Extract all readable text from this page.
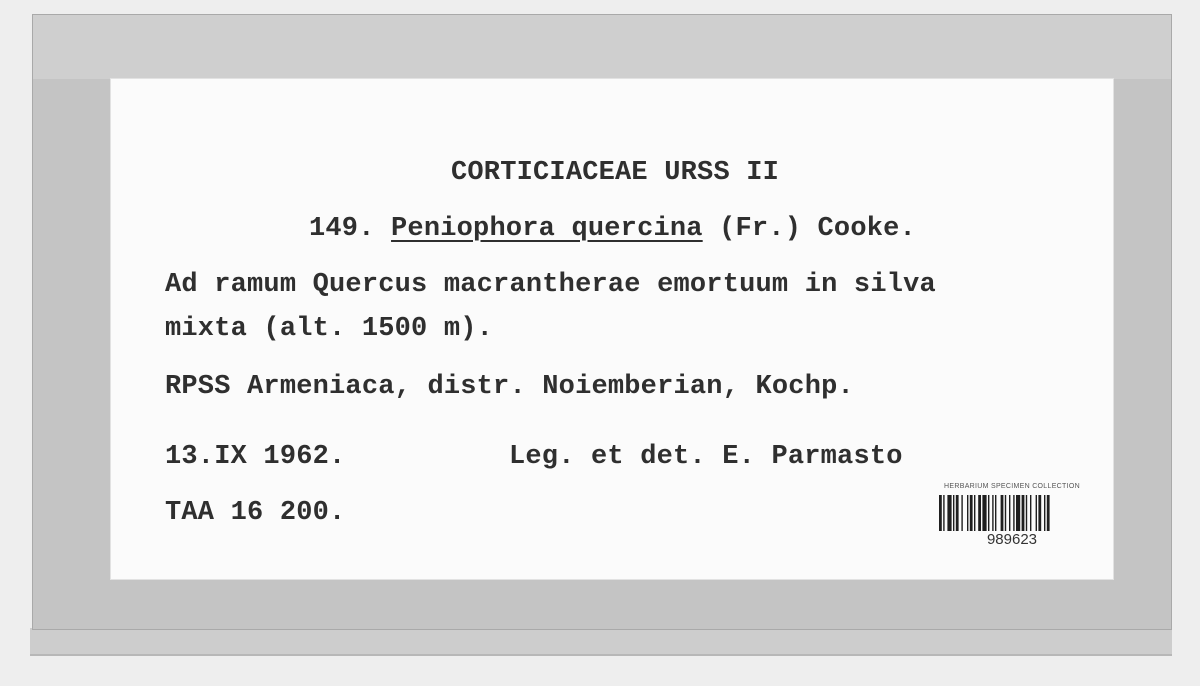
CORTICIACEAE URSS II
149. Peniophora quercina (Fr.) Cooke.
Ad ramum Quercus macrantherae emortuum in silva
mixta (alt. 1500 m).
RPSS Armeniaca, distr. Noiemberian, Kochp.
13.IX 1962.	Leg. et det. E. Parmasto
TAA 16 200.
HERBARIUM SPECIMEN COLLECTION
989623
